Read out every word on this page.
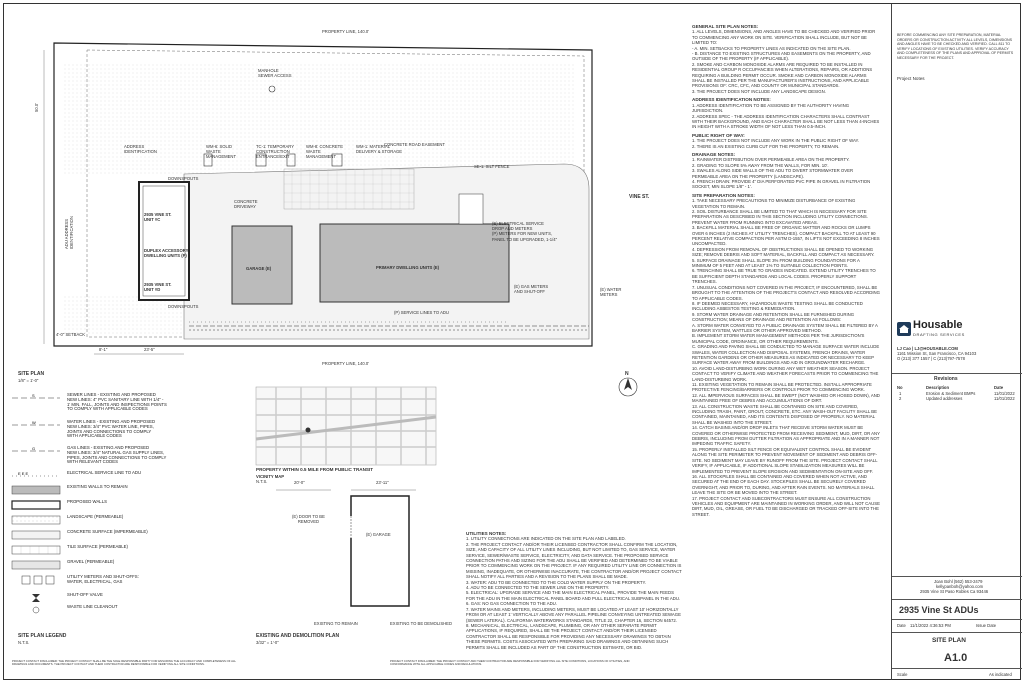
PROPERTY LINE, 140.0'
PROPERTY LINE, 140.0'
MANHOLE
SEWER ACCESS
CONCRETE ROAD EASEMENT
ADDRESS
IDENTIFICATION
WM-6: SOLID
WASTE
MANAGEMENT
TC-1: TEMPORARY
CONSTRUCTION
ENTRANCE/EXIT
WM-8: CONCRETE
WASTE
MANAGEMENT
WM-1: MATERIAL
DELIVERY & STORAGE
SE-1: SILT FENCE
VINE ST.
DOWNSPOUTS
DOWNSPOUTS
CONCRETE
DRIVEWAY
2935 VINE ST.
UNIT #C
DUPLEX ACCESSORY
DWELLING UNITS (P)
2935 VINE ST.
UNIT #D
GARAGE (E)	PRIMARY DWELLING UNITS (E)
(E) ELECTRICAL SERVICE
DROP AND METERS
(P) METERS FOR NEW UNITS,
PANEL TO BE UPGRADED, 1-1/4"
(E) GAS METERS
AND SHUT-OFF	(E) WATER
METERS
(P) SERVICE LINES TO ADU
ADU ADDRESS
IDENTIFICATION
50.0'
4'-0" SETBACK
8'-1"	23'-5"
N
SITE PLAN
1/8" = 1'-0"
S	SEWER LINES - EXISTING AND PROPOSED
NEW LINES: 4" PVC SANITARY LINE WITH 1/4" -
1' MIN. FALL, JOINTS AND INSPECTIONS POINTS
TO COMPLY WITH APPLICABLE CODES
W	WATER LINES - EXISTING AND PROPOSED
NEW LINES: 3/4" PVC WATER LINE, PIPES,
JOINTS AND CONNECTIONS TO COMPLY
WITH APPLICABLE CODES
G	GAS LINES - EXISTING AND PROPOSED
NEW LINES: 3/4" NATURAL GAS SUPPLY LINES,
PIPES, JOINTS AND CONNECTIONS TO COMPLY
WITH RELEVANT CODES
E E E	ELECTRICAL SERVICE LINE TO ADU
EXISTING WALLS TO REMAIN
PROPOSED WALLS
LANDSCAPE (PERMEABLE)
CONCRETE SURFACE (IMPERMEABLE)
TILE SURFACE (PERMEABLE)
GRAVEL (PERMEABLE)
UTILITY METERS AND SHUT-OFFS:
WATER, ELECTRICAL, GAS
SHUT-OFF VALVE
WASTE LINE CLEANOUT
SITE PLAN LEGEND
N.T.S.
PROPERTY WITHIN 0.5 MILE FROM PUBLIC TRANSIT
VICINITY MAP
N.T.S.	20'-0"	23'-11"
(E) DOOR TO BE
REMOVED
(E) GARAGE
EXISTING TO REMAIN	EXISTING TO BE DEMOLISHED
EXISTING AND DEMOLITION PLAN
3/32" = 1'-0"
UTILITIES NOTES:

1. UTILITY CONNECTIONS ARE INDICATED ON THE SITE PLAN AND LABELED.

2. THE PROJECT CONTACT AND/OR THEIR LICENSED CONTRACTOR SHALL CONFIRM THE LOCATION, SIZE, AND CAPACITY OF ALL UTILITY LINES INCLUDING, BUT NOT LIMITED TO, GAS SERVICE, WATER SERVICE, SEWER/WASTE SERVICE, ELECTRICITY, AND DATA SERVICE. THE PROPOSED SERVICE CONNECTION PATHS AND SIZING FOR THE ADU SHALL BE VERIFIED AND DETERMINED TO BE VIABLE PRIOR TO COMMENCING WORK ON THE PROJECT. IF ANY REQUIRED UTILITY LINE OR CONNECTION IS MISSING, INADEQUATE, OR OTHERWISE INACCURATE, THE CONTRACTOR AND/OR PROJECT CONTACT SHALL NOTIFY ALL PARTIES AND A REVISION TO THE PLANS SHALL BE MADE.

3. WATER: ADU TO BE CONNECTED TO THE COLD WATER SUPPLY ON THE PROPERTY.

4. ADU TO BE CONNECTED TO THE SEWER LINE ON THE PROPERTY.

5. ELECTRICAL: UPGRADE SERVICE AND THE MAIN ELECTRICAL PANEL, PROVIDE THE MAIN FEEDS FOR THE ADU IN THE MAIN ELECTRICAL PANEL BOARD AND PULL ELECTRICAL SUBPANEL IN THE ADU.

6. GAS: NO GAS CONNECTION TO THE ADU.

7. WATER MAINS AND METERS, INCLUDING METERS, MUST BE LOCATED AT LEAST 10' HORIZONTALLY FROM OR AT LEAST 1' VERTICALLY ABOVE ANY PARALLEL PIPELINE CONVEYING UNTREATED SEWAGE (SEWER LATERAL). CALIFORNIA WATERWORKS STANDARDS, TITLE 22, CHAPTER 16, SECTION 64572.

8. MECHANICAL, ELECTRICAL, LANDSCAPE, PLUMBING, OR ANY OTHER SEPARATE PERMIT APPLICATIONS, IF REQUIRED, SHALL BE THE PROJECT CONTACT AND/OR THEIR LICENSED CONTRACTOR SHALL BE RESPONSIBLE FOR PROVIDING ANY NECESSARY DRAWINGS TO OBTAIN THESE PERMITS. COSTS ASSOCIATED WITH PREPARING SAID DRAWINGS AND OBTAINING SUCH PERMITS SHALL BE INCLUDED AS PART OF THE CONSTRUCTION ESTIMATE, OR BID.

GENERAL SITE PLAN NOTES:

1. ALL LEVELS, DIMENSIONS, AND ANGLES HAVE TO BE CHECKED AND VERIFIED PRIOR TO COMMENCING ANY WORK ON SITE. VERIFICATION SHALL INCLUDE, BUT NOT BE LIMITED TO:

- A. MIN. SETBACKS TO PROPERTY LINES AS INDICATED ON THE SITE PLAN.

- B. DISTANCE TO EXISTING STRUCTURES AND EASEMENTS ON THE PROPERTY, AND OUTSIDE OF THE PROPERTY (IF APPLICABLE).

2. SMOKE AND CARBON MONOXIDE ALARMS ARE REQUIRED TO BE INSTALLED IN RESIDENTIAL GROUP R OCCUPANCIES WHEN ALTERATIONS, REPAIRS, OR ADDITIONS REQUIRING A BUILDING PERMIT OCCUR. SMOKE AND CARBON MONOXIDE ALARMS SHALL BE INSTALLED PER THE MANUFACTURER'S INSTRUCTIONS, AND APPLICABLE PROVISIONS OF: CRC, CFC, AND COUNTY OR MUNICIPAL STANDARDS.

3. THE PROJECT DOES NOT INCLUDE ANY LANDSCAPE DESIGN.

ADDRESS IDENTIFICATION NOTES:

1. ADDRESS IDENTIFICATION TO BE ASSIGNED BY THE AUTHORITY HAVING JURISDICTION.

2. ADDRESS SPEC - THE ADDRESS IDENTIFICATION CHARACTERS SHALL CONTRAST WITH THEIR BACKGROUND, AND EACH CHARACTER SHALL BE NOT LESS THAN 4-INCHES IN HEIGHT WITH A STROKE WIDTH OF NOT LESS THAN 0.5-INCH.

PUBLIC RIGHT OF WAY:

1. THE PROJECT DOES NOT INCLUDE ANY WORK IN THE PUBLIC RIGHT OF WAY.

2. THERE IS AN EXISTING CURB CUT FOR THE PROPERTY, TO REMAIN.

DRAINAGE NOTES:

1. RAINWATER DISTRIBUTION OVER PERMEABLE AREA ON THE PROPERTY.

2. GRADING TO SLOPE 5% AWAY FROM THE WALLS, FOR MIN. 10'.

3. SWALES ALONG SIDE WALLS OF THE ADU TO DIVERT STORMWATER OVER PERMEABLE AREA ON THE PROPERTY (LANDSCAPE).

4. FRENCH DRAIN: PROVIDE 4" DIA PERFORATED PVC PIPE IN GRAVEL IN FILTRATION SOCKET, MIN SLOPE 1/8" - 1'.

SITE PREPARATION NOTES:

1. TAKE NECESSARY PRECAUTIONS TO MINIMIZE DISTURBANCE OF EXISTING VEGETATION TO REMAIN.

2. SOIL DISTURBANCE SHALL BE LIMITED TO THAT WHICH IS NECESSARY FOR SITE PREPARATION AS DESCRIBED IN THIS SECTION INCLUDING UTILITY CONNECTIONS. PREVENT WATER FROM RUNNING INTO EXCAVATED AREAS.

3. BACKFILL MATERIAL SHALL BE FREE OF ORGANIC MATTER AND ROCKS OR LUMPS OVER 6 INCHES (2 INCHES AT UTILITY TRENCHES). COMPACT BACKFILL TO AT LEAST 90 PERCENT RELATIVE COMPACTION PER ASTM D-1557, IN LIFTS NOT EXCEEDING 8 INCHES UNCOMPACTED.

4. DEPRESSION FROM REMOVAL OF OBSTRUCTIONS SHALL BE OPENED TO WORKING SIZE; REMOVE DEBRIS AND SOFT MATERIAL, BACKFILL AND COMPACT AS NECESSARY.

5. SURFACE DRAINAGE SHALL SLOPE 3% FROM BUILDING FOUNDATIONS FOR A MINIMUM OF 5 FEET AND AT LEAST 1% TO SUITABLE COLLECTION POINTS.

6. TRENCHING SHALL BE TRUE TO GRADES INDICATED. EXTEND UTILITY TRENCHES TO BE SUFFICIENT DEPTH STANDARDS AND LOCAL CODES. PROPERLY SUPPORT TRENCHES.

7. UNUSUAL CONDITIONS NOT COVERED IN THE PROJECT, IF ENCOUNTERED, SHALL BE BROUGHT TO THE ATTENTION OF THE PROJECT'S CONTACT AND RESOLVED ACCORDING TO APPLICABLE CODES.

8. IF DEEMED NECESSARY, HAZARDOUS WASTE TESTING SHALL BE CONDUCTED INCLUDING ASBESTOS TESTING & REMEDIATION.

9. STORM WATER DRAINAGE AND RETENTION SHALL BE FURNISHED DURING CONSTRUCTION; MEANS OF DRAINAGE AND RETENTION AS FOLLOWS:

A. STORM WATER CONVEYED TO A PUBLIC DRAINAGE SYSTEM SHALL BE FILTERED BY A BARRIER SYSTEM, WATTLES OR OTHER APPROVED METHOD.

B. IMPLEMENT STORM WATER MANAGEMENT METHODS PER THE JURISDICTION'S MUNICIPAL CODE, ORDINANCE, OR OTHER REQUIREMENTS.

C. GRADING AND PAVING SHALL BE CONDUCTED TO MANAGE SURFACE WATER INCLUDE SWALES, WATER COLLECTION AND DISPOSAL SYSTEMS, FRENCH DRAINS, WATER RETENTION GARDENS OR OTHER MEASURES AS INDICATED OR NECESSARY TO KEEP SURFACE WATER AWAY FROM BUILDINGS AND AID IN GROUNDWATER RECHARGE.

10. AVOID LAND-DISTURBING WORK DURING ANY WET WEATHER SEASON. PROJECT CONTACT TO VERIFY CLIMATE AND WEATHER FORECASTS PRIOR TO COMMENCING THE LAND-DISTURBING WORK.

11. EXISTING VEGETATION TO REMAIN SHALL BE PROTECTED. INSTALL APPROPRIATE PROTECTIVE FENCING/BARRIERS OR CONTROLS PRIOR TO COMMENCING WORK.

12. ALL IMPERVIOUS SURFACES SHALL BE SWEPT (NOT WASHED OR HOSED DOWN), AND MAINTAINED FREE OF DEBRIS AND ACCUMULATIONS OF DIRT.

13. ALL CONSTRUCTION WASTE SHALL BE CONTAINED ON SITE AND COVERED, INCLUDING TRASH, PAINT, GROUT, CONCRETE, ETC. ANY WASH-OUT FACILITY SHALL BE CONTAINED, MAINTAINED, AND ITS CONTENTS DISPOSED OF PROPERLY. NO MATERIAL SHALL BE WASHED INTO THE STREET.

14. CATCH BASINS AND/OR DROP INLETS THAT RECEIVE STORM WATER MUST BE COVERED OR OTHERWISE PROTECTED FROM RECEIVING SEDIMENT, MUD, DIRT, OR ANY DEBRIS, INCLUDING FROM GUTTER FILTRATION AS APPROPRIATE AND IN A MANNER NOT IMPEDING TRAFFIC SAFETY.

15. PROPERLY INSTALLED SILT FENCE OR EQUIVALENT CONTROL SHALL BE EVIDENT ALONG THE SITE PERIMETER TO PREVENT MOVEMENT OF SEDIMENT AND DEBRIS OFF-SITE. NO SEDIMENT MAY LEAVE BY RUNOFF FROM THE SITE. PROJECT CONTACT SHALL VERIFY, IF APPLICABLE, IF ADDITIONAL SLOPE STABILIZATION MEASURES WILL BE IMPLEMENTED TO PREVENT SLOPE EROSION AND SEDIMENTATION ON-SITE AND OFF.

16. ALL STOCKPILES SHALL BE CONTAINED AND COVERED WHEN NOT ACTIVE, AND SECURED AT THE END OF EACH DAY. STOCKPILES SHALL BE SECURELY COVERED OVERNIGHT, AND PRIOR TO, DURING, AND AFTER RAIN EVENTS. NO MATERIALS SHALL LEAVE THE SITE OR BE MOVED INTO THE STREET.

17. PROJECT CONTACT AND SUBCONTRACTORS MUST ENSURE ALL CONSTRUCTION VEHICLES AND EQUIPMENT ARE MAINTAINED IN WORKING ORDER, AND WILL NOT CAUSE DIRT, MUD, OIL, GREASE, OR FUEL TO BE DISCHARGED OR TRACKED OFF-SITE INTO THE STREET.

BEFORE COMMENCING ANY SITE PREPARATION, MATERIAL ORDERS OR CONSTRUCTION ACTIVITY ALL LEVELS, DIMENSIONS AND ANGLES HAVE TO BE CHECKED AND VERIFIED. CALL 811 TO VERIFY LOCATIONS OF EXISTING UTILITIES. VERIFY ACCURACY AND COMPLETENESS OF THE PLANS AND APPROVAL OF PERMITS NECESSARY FOR THE PROJECT.
Project Notes
Housable
DRAFTING SERVICES
LJ Cao | LJ@HOUSABLE.COM
1161 Mission St, San Francisco, CA 94103
O (213) 377 1557 | C (213)797-7578
Revisions
No	Description	Date
1	Erosion & Sediment BMPs	11/01/2022
2	Updated addresses	11/01/2022
Joan Bohl (562) 553-2479
kellypanboh@yahoo.com
2935 Vine St Paso Robles Ca 93446
2935 Vine St ADUs
Date 11/1/2022 4:36:53 PM	Issue Date
SITE PLAN
A1.0
Scale	As indicated
PROJECT CONTACT DISCLAIMER: THE PROJECT CONTACT SHALL BE THE SOLE RESPONSIBLE PARTY FOR ENSURING THE ACCURACY AND COMPLETENESS OF ALL DRAWINGS AND DOCUMENTS. THE PROJECT CONTACT AND THEIR CONTRACTOR ARE RESPONSIBLE FOR VERIFYING ALL SITE CONDITIONS.
PROJECT CONTACT DISCLAIMER: THE PROJECT CONTACT AND THEIR CONTRACTOR ARE RESPONSIBLE FOR VERIFYING ALL SITE CONDITIONS, LOCATIONS OF UTILITIES, AND CONFORMANCE WITH ALL APPLICABLE CODES AND REGULATIONS.
